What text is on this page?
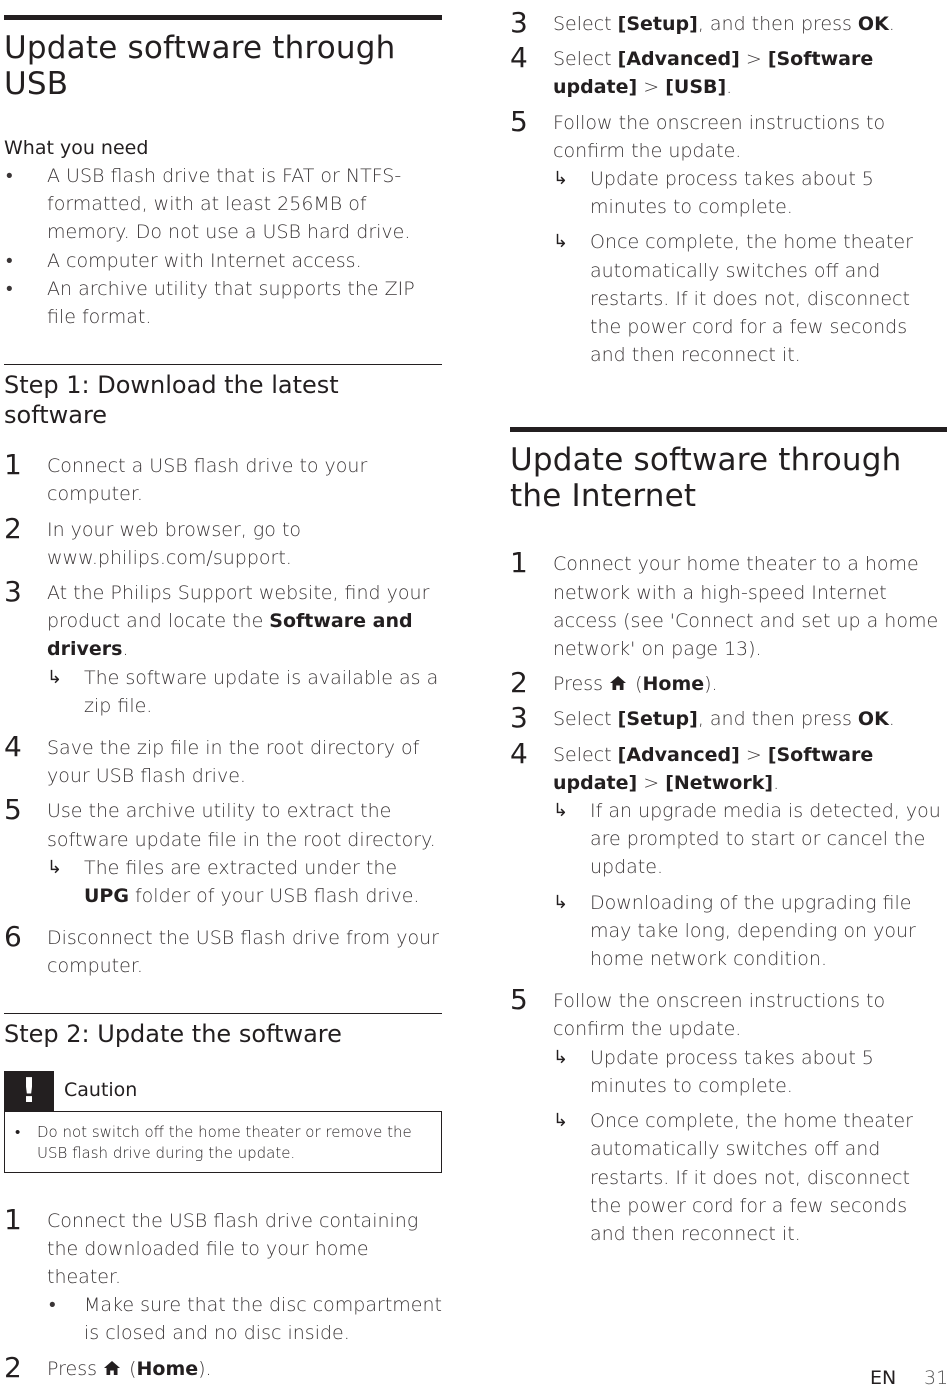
Update software through USB
What you need
• A USB flash drive that is FAT or NTFS-formatted, with at least 256MB of memory. Do not use a USB hard drive.
• A computer with Internet access.
• An archive utility that supports the ZIP file format.
Step 1: Download the latest software
1 Connect a USB flash drive to your computer.
2 In your web browser, go to www.philips.com/support.
3 At the Philips Support website, find your product and locate the Software and drivers.
↳ The software update is available as a zip file.
4 Save the zip file in the root directory of your USB flash drive.
5 Use the archive utility to extract the software update file in the root directory.
↳ The files are extracted under the UPG folder of your USB flash drive.
6 Disconnect the USB flash drive from your computer.
Step 2: Update the software
!	Caution
• Do not switch off the home theater or remove the USB flash drive during the update.
1 Connect the USB flash drive containing the downloaded file to your home theater.
• Make sure that the disc compartment is closed and no disc inside.
2 Press  (Home).
3 Select [Setup], and then press OK.
4 Select [Advanced] > [Software update] > [USB].
5 Follow the onscreen instructions to confirm the update.
↳ Update process takes about 5 minutes to complete.
↳ Once complete, the home theater automatically switches off and restarts. If it does not, disconnect the power cord for a few seconds and then reconnect it.
Update software through the Internet
1 Connect your home theater to a home network with a high-speed Internet access (see 'Connect and set up a home network' on page 13).
2 Press  (Home).
3 Select [Setup], and then press OK.
4 Select [Advanced] > [Software update] > [Network].
↳ If an upgrade media is detected, you are prompted to start or cancel the update.
↳ Downloading of the upgrading file may take long, depending on your home network condition.
5 Follow the onscreen instructions to confirm the update.
↳ Update process takes about 5 minutes to complete.
↳ Once complete, the home theater automatically switches off and restarts. If it does not, disconnect the power cord for a few seconds and then reconnect it.
EN 31
